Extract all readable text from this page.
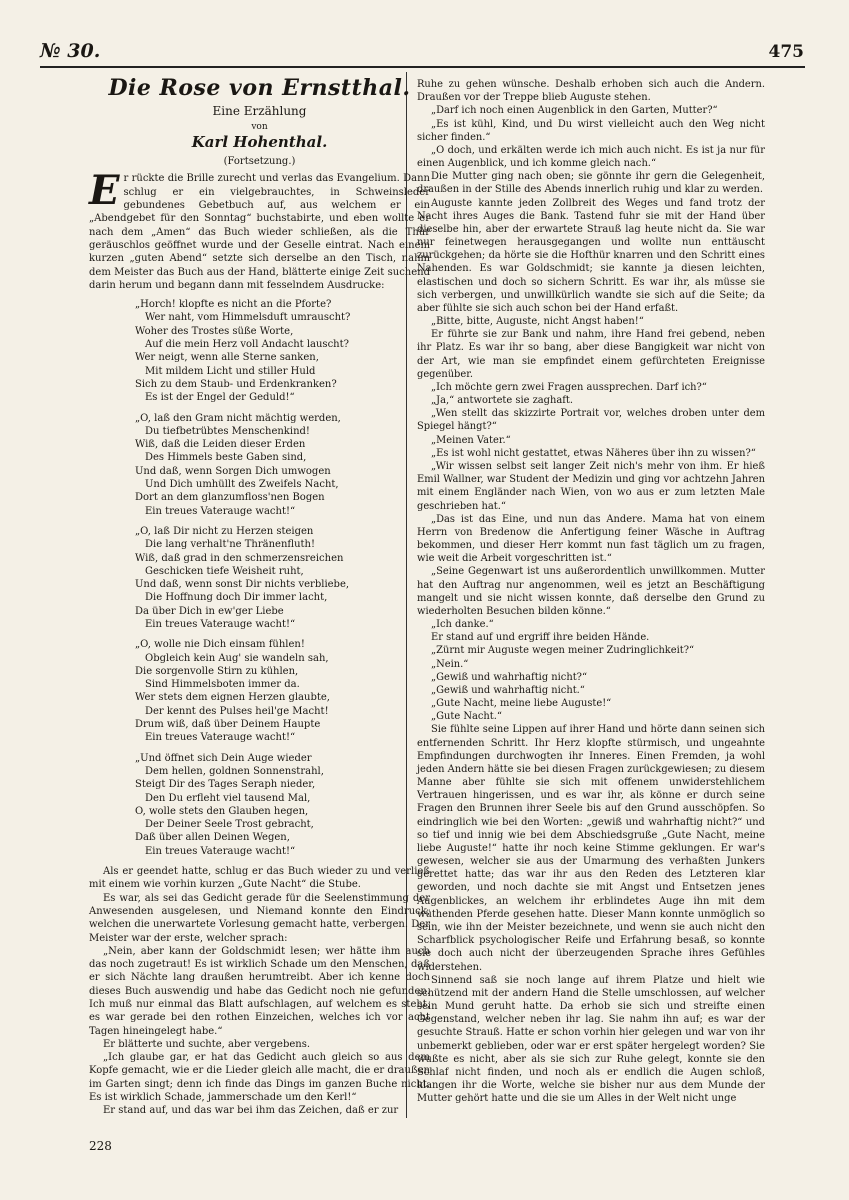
№ 30.	475
Die Rose von Ernstthal.
Eine Erzählung
von
Karl Hohenthal.
(Fortsetzung.)

Er rückte die Brille zurecht und verlas das Evangelium. Dann schlug er ein vielgebrauchtes, in Schweinsleder gebundenes Gebetbuch auf, aus welchem er ein „Abendgebet für den Sonntag“ buchstabirte, und eben wollte er nach dem „Amen“ das Buch wieder schließen, als die Thür geräuschlos geöffnet wurde und der Geselle eintrat. Nach einem kurzen „guten Abend“ setzte sich derselbe an den Tisch, nahm dem Meister das Buch aus der Hand, blätterte einige Zeit suchend darin herum und begann dann mit fesselndem Ausdrucke:

„Horch! klopfte es nicht an die Pforte?
Wer naht, vom Himmelsduft umrauscht?
Woher des Trostes süße Worte,
Auf die mein Herz voll Andacht lauscht?
Wer neigt, wenn alle Sterne sanken,
Mit mildem Licht und stiller Huld
Sich zu dem Staub- und Erdenkranken?
Es ist der Engel der Geduld!“
„O, laß den Gram nicht mächtig werden,
Du tiefbetrübtes Menschenkind!
Wiß, daß die Leiden dieser Erden
Des Himmels beste Gaben sind,
Und daß, wenn Sorgen Dich umwogen
Und Dich umhüllt des Zweifels Nacht,
Dort an dem glanzumfloss'nen Bogen
Ein treues Vaterauge wacht!“
„O, laß Dir nicht zu Herzen steigen
Die lang verhalt'ne Thränenfluth!
Wiß, daß grad in den schmerzensreichen
Geschicken tiefe Weisheit ruht,
Und daß, wenn sonst Dir nichts verbliebe,
Die Hoffnung doch Dir immer lacht,
Da über Dich in ew'ger Liebe
Ein treues Vaterauge wacht!“
„O, wolle nie Dich einsam fühlen!
Obgleich kein Aug' sie wandeln sah,
Die sorgenvolle Stirn zu kühlen,
Sind Himmelsboten immer da.
Wer stets dem eignen Herzen glaubte,
Der kennt des Pulses heil'ge Macht!
Drum wiß, daß über Deinem Haupte
Ein treues Vaterauge wacht!“
„Und öffnet sich Dein Auge wieder
Dem hellen, goldnen Sonnenstrahl,
Steigt Dir des Tages Seraph nieder,
Den Du erfleht viel tausend Mal,
O, wolle stets den Glauben hegen,
Der Deiner Seele Trost gebracht,
Daß über allen Deinen Wegen,
Ein treues Vaterauge wacht!“

Als er geendet hatte, schlug er das Buch wieder zu und verließ mit einem wie vorhin kurzen „Gute Nacht“ die Stube.

Es war, als sei das Gedicht gerade für die Seelenstimmung der Anwesenden ausgelesen, und Niemand konnte den Eindruck, welchen die unerwartete Vorlesung gemacht hatte, verbergen. Der Meister war der erste, welcher sprach:

„Nein, aber kann der Goldschmidt lesen; wer hätte ihm auch das noch zugetraut! Es ist wirklich Schade um den Menschen, daß er sich Nächte lang draußen herumtreibt. Aber ich kenne doch dieses Buch auswendig und habe das Gedicht noch nie gefunden. Ich muß nur einmal das Blatt aufschlagen, auf welchem es steht, es war gerade bei den rothen Einzeichen, welches ich vor acht Tagen hineingelegt habe.“

Er blätterte und suchte, aber vergebens.

„Ich glaube gar, er hat das Gedicht auch gleich so aus dem Kopfe gemacht, wie er die Lieder gleich alle macht, die er draußen im Garten singt; denn ich finde das Dings im ganzen Buche nicht. Es ist wirklich Schade, jammerschade um den Kerl!“

Er stand auf, und das war bei ihm das Zeichen, daß er zur

Ruhe zu gehen wünsche. Deshalb erhoben sich auch die Andern. Draußen vor der Treppe blieb Auguste stehen.

„Darf ich noch einen Augenblick in den Garten, Mutter?“

„Es ist kühl, Kind, und Du wirst vielleicht auch den Weg nicht sicher finden.“

„O doch, und erkälten werde ich mich auch nicht. Es ist ja nur für einen Augenblick, und ich komme gleich nach.“

Die Mutter ging nach oben; sie gönnte ihr gern die Gelegenheit, draußen in der Stille des Abends innerlich ruhig und klar zu werden.

Auguste kannte jeden Zollbreit des Weges und fand trotz der Nacht ihres Auges die Bank. Tastend fuhr sie mit der Hand über dieselbe hin, aber der erwartete Strauß lag heute nicht da. Sie war nur feinetwegen herausgegangen und wollte nun enttäuscht zurückgehen; da hörte sie die Hofthür knarren und den Schritt eines Nahenden. Es war Goldschmidt; sie kannte ja diesen leichten, elastischen und doch so sichern Schritt. Es war ihr, als müsse sie sich verbergen, und unwillkürlich wandte sie sich auf die Seite; da aber fühlte sie sich auch schon bei der Hand erfaßt.

„Bitte, bitte, Auguste, nicht Angst haben!“

Er führte sie zur Bank und nahm, ihre Hand frei gebend, neben ihr Platz. Es war ihr so bang, aber diese Bangigkeit war nicht von der Art, wie man sie empfindet einem gefürchteten Ereignisse gegenüber.

„Ich möchte gern zwei Fragen aussprechen. Darf ich?“

„Ja,“ antwortete sie zaghaft.

„Wen stellt das skizzirte Portrait vor, welches droben unter dem Spiegel hängt?“

„Meinen Vater.“

„Es ist wohl nicht gestattet, etwas Näheres über ihn zu wissen?“

„Wir wissen selbst seit langer Zeit nich's mehr von ihm. Er hieß Emil Wallner, war Student der Medizin und ging vor achtzehn Jahren mit einem Engländer nach Wien, von wo aus er zum letzten Male geschrieben hat.“

„Das ist das Eine, und nun das Andere. Mama hat von einem Herrn von Bredenow die Anfertigung feiner Wäsche in Auftrag bekommen, und dieser Herr kommt nun fast täglich um zu fragen, wie weit die Arbeit vorgeschritten ist.“

„Seine Gegenwart ist uns außerordentlich unwillkommen. Mutter hat den Auftrag nur angenommen, weil es jetzt an Beschäftigung mangelt und sie nicht wissen konnte, daß derselbe den Grund zu wiederholten Besuchen bilden könne.“

„Ich danke.“

Er stand auf und ergriff ihre beiden Hände.

„Zürnt mir Auguste wegen meiner Zudringlichkeit?“

„Nein.“

„Gewiß und wahrhaftig nicht?“

„Gewiß und wahrhaftig nicht.“

„Gute Nacht, meine liebe Auguste!“

„Gute Nacht.“

Sie fühlte seine Lippen auf ihrer Hand und hörte dann seinen sich entfernenden Schritt. Ihr Herz klopfte stürmisch, und ungeahnte Empfindungen durchwogten ihr Inneres. Einen Fremden, ja wohl jeden Andern hätte sie bei diesen Fragen zurückgewiesen; zu diesem Manne aber fühlte sie sich mit offenem unwiderstehlichem Vertrauen hingerissen, und es war ihr, als könne er durch seine Fragen den Brunnen ihrer Seele bis auf den Grund ausschöpfen. So eindringlich wie bei den Worten: „gewiß und wahrhaftig nicht?“ und so tief und innig wie bei dem Abschiedsgruße „Gute Nacht, meine liebe Auguste!“ hatte ihr noch keine Stimme geklungen. Er war's gewesen, welcher sie aus der Umarmung des verhaßten Junkers gerettet hatte; das war ihr aus den Reden des Letzteren klar geworden, und noch dachte sie mit Angst und Entsetzen jenes Augenblickes, an welchem ihr erblindetes Auge ihn mit dem wüthenden Pferde gesehen hatte. Dieser Mann konnte unmöglich so sein, wie ihn der Meister bezeichnete, und wenn sie auch nicht den Scharfblick psychologischer Reife und Erfahrung besaß, so konnte sie doch auch nicht der überzeugenden Sprache ihres Gefühles widerstehen.

Sinnend saß sie noch lange auf ihrem Platze und hielt wie schützend mit der andern Hand die Stelle umschlossen, auf welcher sein Mund geruht hatte. Da erhob sie sich und streifte einen Gegenstand, welcher neben ihr lag. Sie nahm ihn auf; es war der gesuchte Strauß. Hatte er schon vorhin hier gelegen und war von ihr unbemerkt geblieben, oder war er erst später hergelegt worden? Sie wußte es nicht, aber als sie sich zur Ruhe gelegt, konnte sie den Schlaf nicht finden, und noch als er endlich die Augen schloß, klangen ihr die Worte, welche sie bisher nur aus dem Munde der Mutter gehört hatte und die sie um Alles in der Welt nicht unge

228
